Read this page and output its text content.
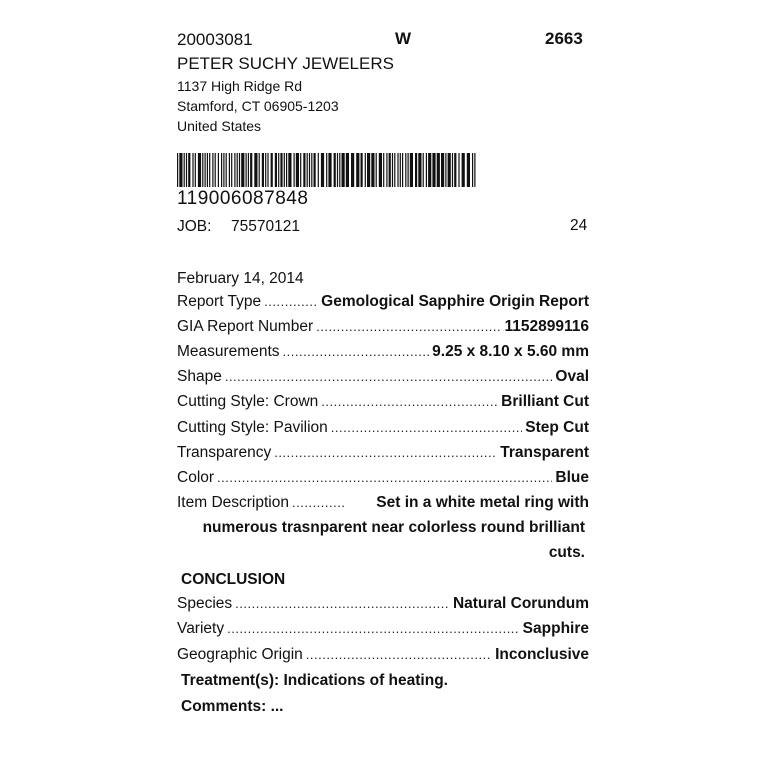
20003081	W	2663
PETER SUCHY JEWELERS
1137 High Ridge Rd
Stamford, CT 06905-1203
United States
119006087848
JOB: 75570121	24
February 14, 2014
Report Type .....	Gemological Sapphire Origin Report
GIA Report Number .....	1152899116
Measurements .....	9.25 x 8.10 x 5.60 mm
Shape .....	Oval
Cutting Style: Crown .....	Brilliant Cut
Cutting Style: Pavilion .....	Step Cut
Transparency .....	Transparent
Color .....	Blue
Item Description .....	Set in a white metal ring with
numerous trasnparent near colorless round brilliant
cuts.
CONCLUSION
Species .....	Natural Corundum
Variety .....	Sapphire
Geographic Origin .....	Inconclusive
Treatment(s): Indications of heating.
Comments: ...
